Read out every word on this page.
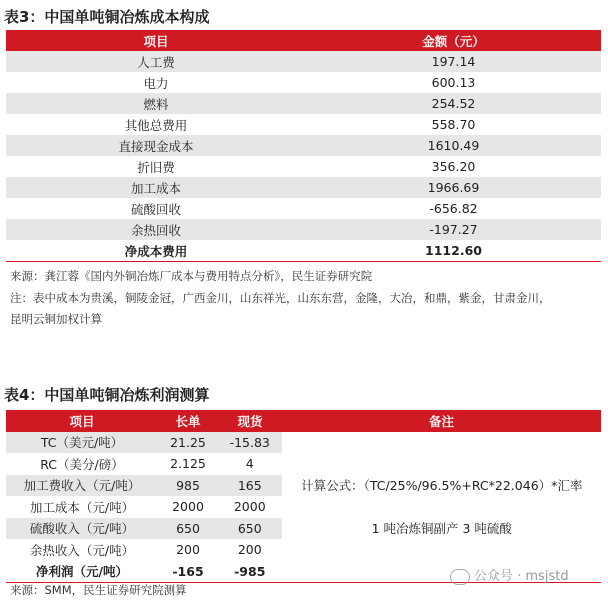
表3：中国单吨铜冶炼成本构成
项目	金额（元）
人工费	197.14
电力	600.13
燃料	254.52
其他总费用	558.70
直接现金成本	1610.49
折旧费	356.20
加工成本	1966.69
硫酸回收	-656.82
余热回收	-197.27
净成本费用	1112.60
来源：龚江蓉《国内外铜冶炼厂成本与费用特点分析》，民生证券研究院
注：表中成本为贵溪，铜陵金冠，广西金川，山东祥光，山东东营，金隆，大冶，和鼎，紫金，甘肃金川，
昆明云铜加权计算
表4：中国单吨铜冶炼利润测算
项目	长单	现货	备注
TC（美元/吨）	21.25	-15.83	
RC（美分/磅）	2.125	4	
加工费收入（元/吨）	985	165	计算公式：（TC/25%/96.5%+RC*22.046）*汇率
加工成本（元/吨）	2000	2000	
硫酸收入（元/吨）	650	650	1 吨冶炼铜副产 3 吨硫酸
余热收入（元/吨）	200	200	
净利润（元/吨）	-165	-985	
来源：SMM，民生证券研究院测算
公众号 · msjstd
